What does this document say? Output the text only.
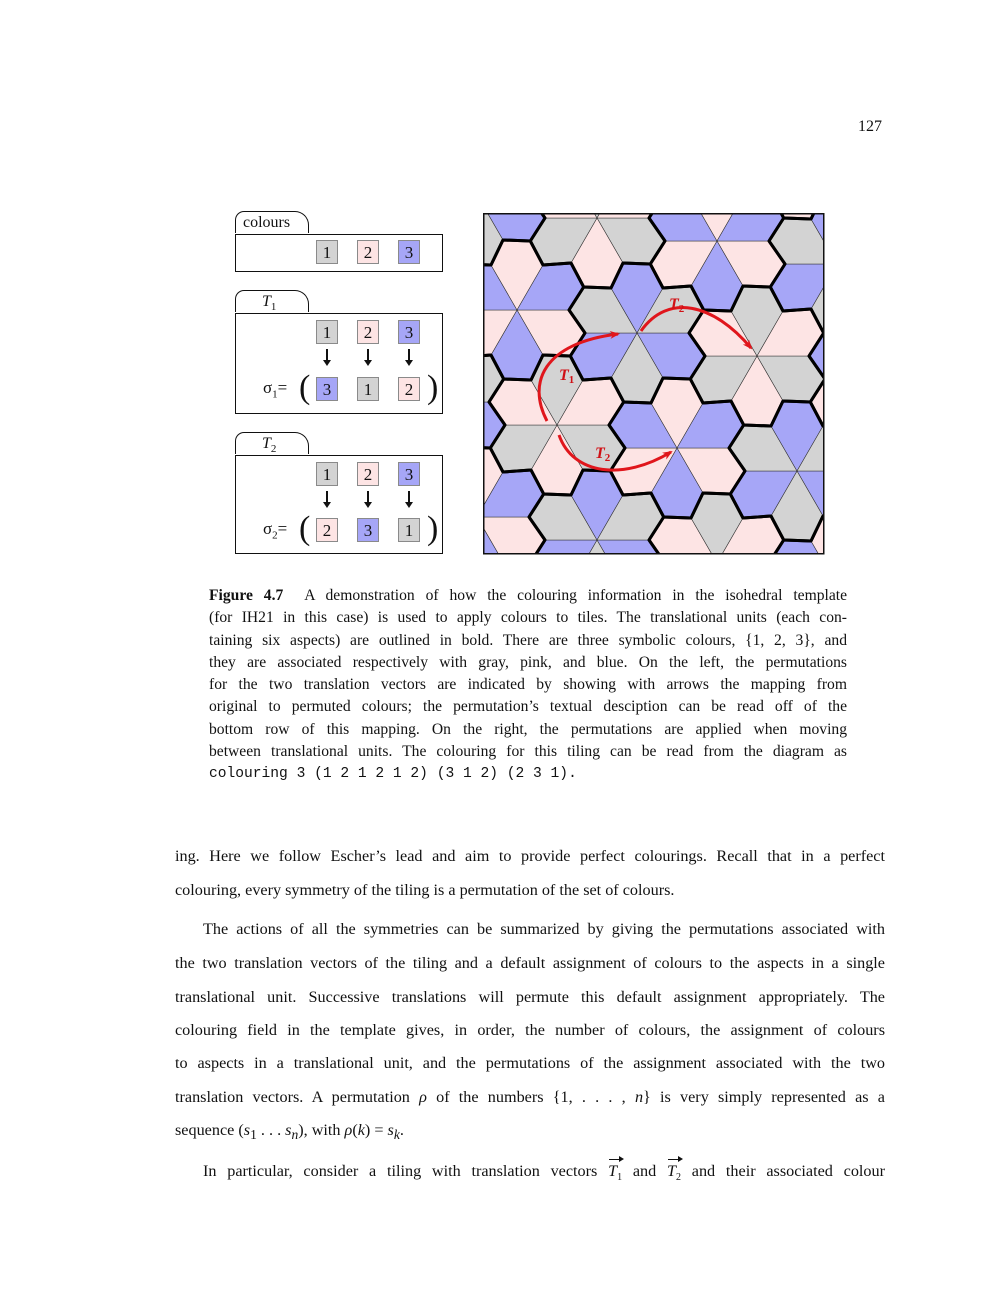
127
colours
1	2	3
$T_1$
1	2	3
$\sigma_1=$ ( 3	1	2 )
$T_2$
1	2	3
$\sigma_2=$ ( 2	3	1 )
T1
T2
T2
Figure 4.7 A demonstration of how the colouring information in the isohedral template
(for IH21 in this case) is used to apply colours to tiles. The translational units (each con-
taining six aspects) are outlined in bold. There are three symbolic colours, {1, 2, 3}, and
they are associated respectively with gray, pink, and blue. On the left, the permutations
for the two translation vectors are indicated by showing with arrows the mapping from
original to permuted colours; the permutation’s textual desciption can be read off of the
bottom row of this mapping. On the right, the permutations are applied when moving
between translational units. The colouring for this tiling can be read from the diagram as
colouring 3 (1 2 1 2 1 2) (3 1 2) (2 3 1).
ing. Here we follow Escher’s lead and aim to provide perfect colourings. Recall that in a perfect
colouring, every symmetry of the tiling is a permutation of the set of colours.
The actions of all the symmetries can be summarized by giving the permutations associated with
the two translation vectors of the tiling and a default assignment of colours to the aspects in a single
translational unit. Successive translations will permute this default assignment appropriately. The
colouring field in the template gives, in order, the number of colours, the assignment of colours
to aspects in a translational unit, and the permutations of the assignment associated with the two
translation vectors. A permutation ρ of the numbers {1, . . . , n} is very simply represented as a
sequence ($s_1$ . . . $s_n$), with $\rho(k) = s_k$.
In particular, consider a tiling with translation vectors $T_1$ and $T_2$ and their associated colour
